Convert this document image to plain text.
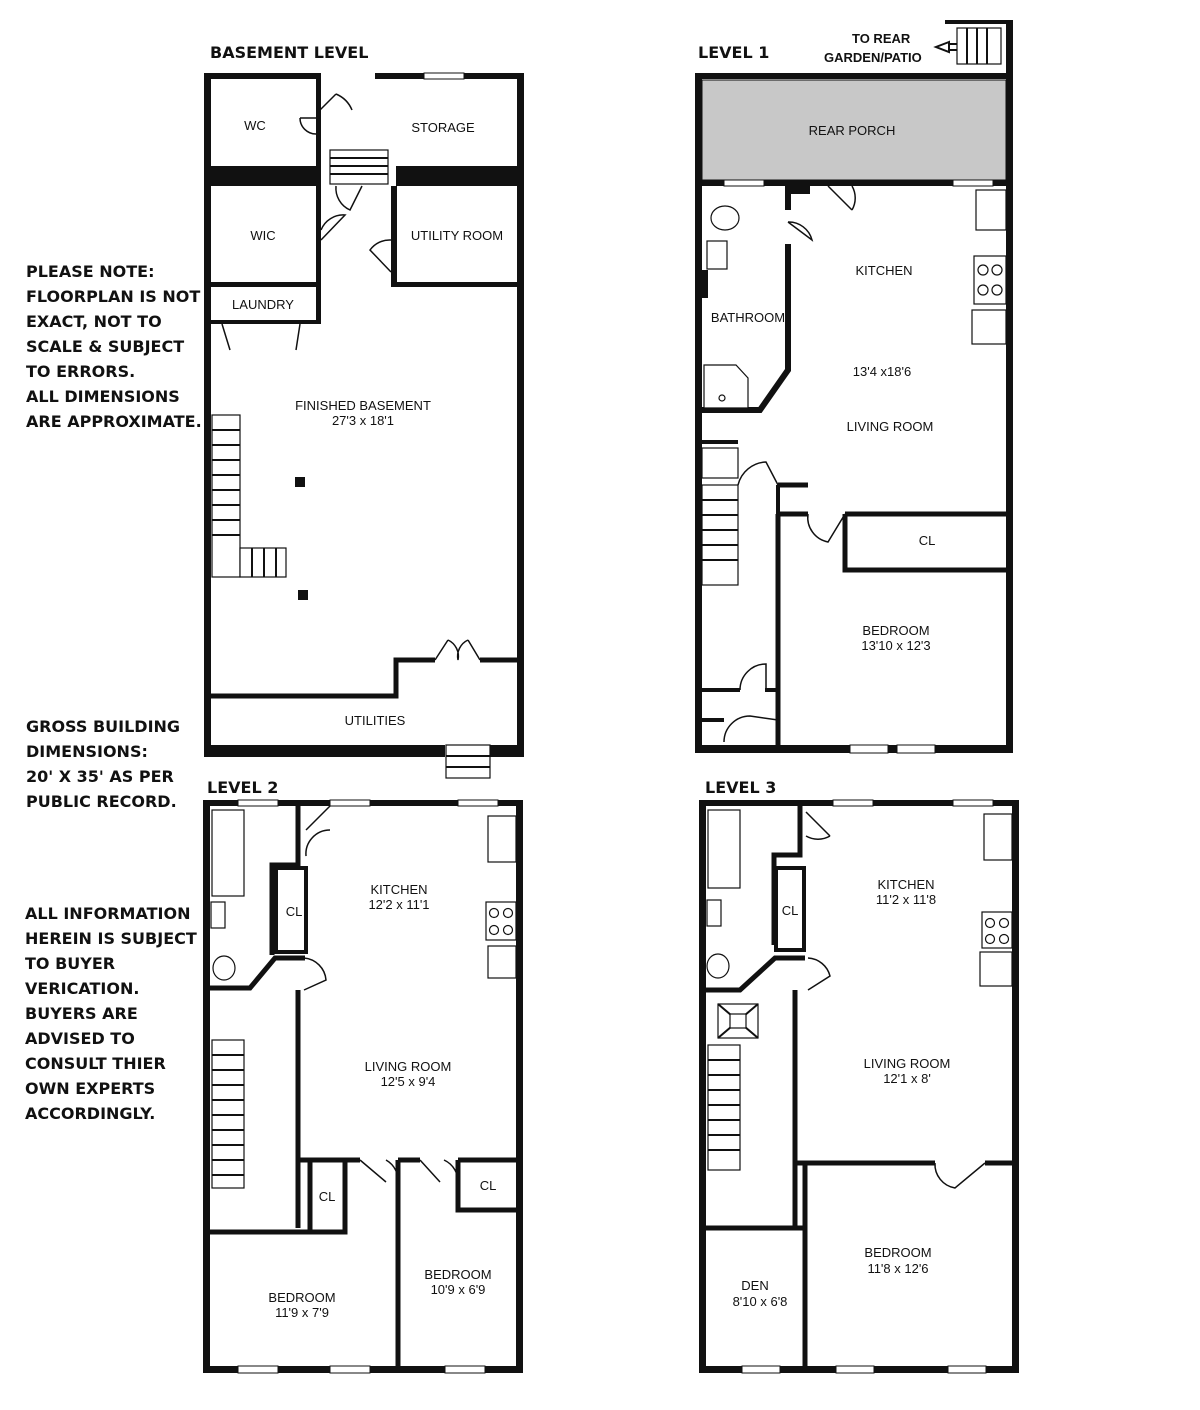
PLEASE NOTE:
FLOORPLAN IS NOT
EXACT, NOT TO
SCALE & SUBJECT
TO ERRORS.
ALL DIMENSIONS
ARE APPROXIMATE.
GROSS BUILDING
DIMENSIONS:
20' X 35' AS PER
PUBLIC RECORD.
ALL INFORMATION
HEREIN IS SUBJECT
TO BUYER
VERICATION.
BUYERS ARE
ADVISED TO
CONSULT THIER
OWN EXPERTS
ACCORDINGLY.
BASEMENT LEVEL
WC	STORAGE
WIC	UTILITY ROOM
LAUNDRY
FINISHED BASEMENT
27'3 x 18'1
UTILITIES
LEVEL 1
TO REAR
GARDEN/PATIO
REAR PORCH
KITCHEN
BATHROOM
13'4 x18'6
LIVING ROOM
CL
BEDROOM
13'10 x 12'3
LEVEL 2
CL
KITCHEN
12'2 x 11'1
LIVING ROOM
12'5 x 9'4
CL
CL
BEDROOM
11'9 x 7'9
BEDROOM
10'9 x 6'9
LEVEL 3
CL
KITCHEN
11'2 x 11'8
LIVING ROOM
12'1 x 8'
DEN
8'10 x 6'8
BEDROOM
11'8 x 12'6
